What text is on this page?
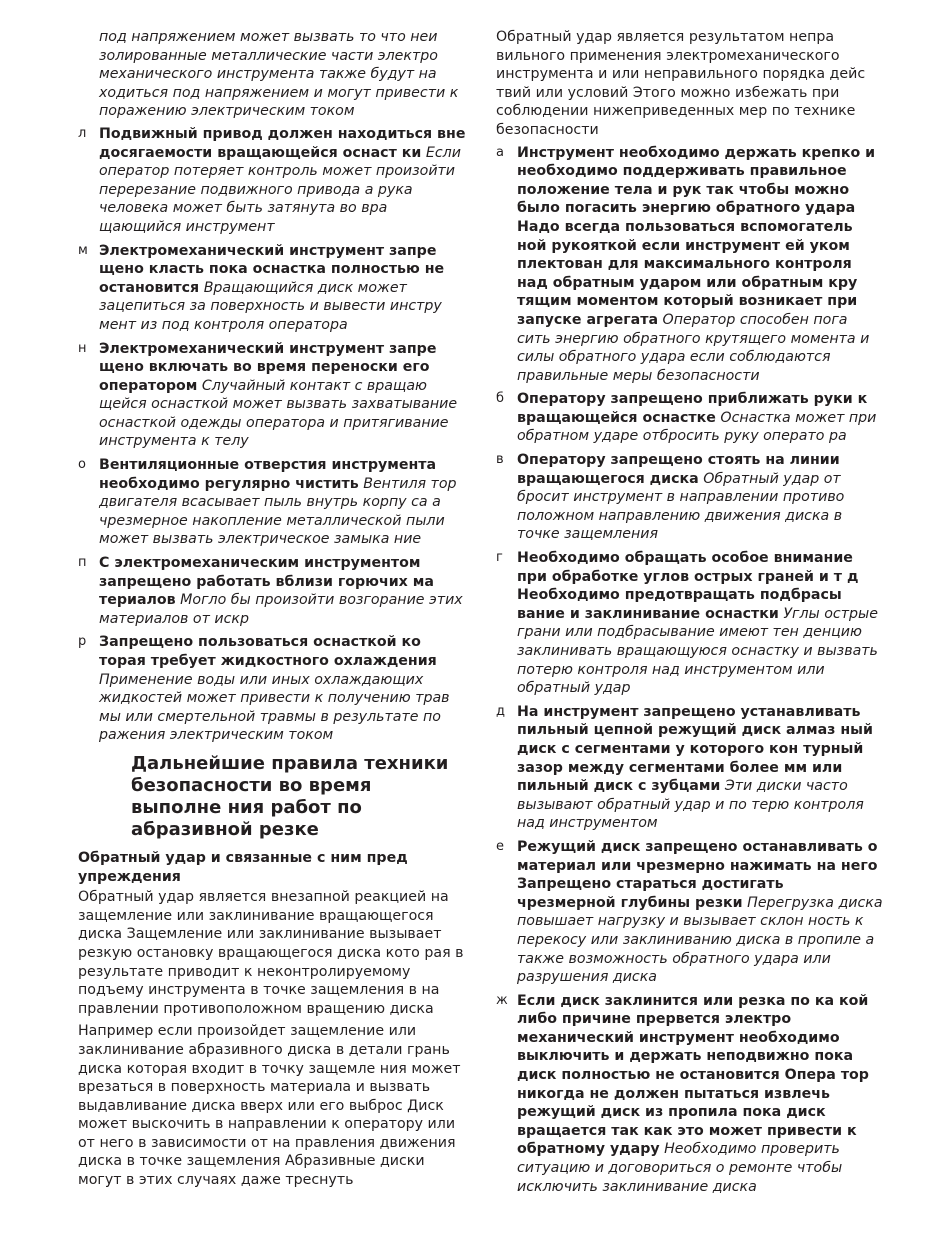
под напряжением может вызвать то что неи золированные металлические части электро механического инструмента также будут на ходиться под напряжением и могут привести к поражению электрическим током

л Подвижный привод должен находиться вне досягаемости вращающейся оснаст ки Если оператор потеряет контроль может произойти перерезание подвижного привода а рука человека может быть затянута во вра щающийся инструмент

м Электромеханический инструмент запре щено класть пока оснастка полностью не остановится Вращающийся диск может зацепиться за поверхность и вывести инстру мент из под контроля оператора

н Электромеханический инструмент запре щено включать во время переноски его оператором Случайный контакт с вращаю щейся оснасткой может вызвать захватывание оснасткой одежды оператора и притягивание инструмента к телу

о Вентиляционные отверстия инструмента необходимо регулярно чистить Вентиля тор двигателя всасывает пыль внутрь корпу са а чрезмерное накопление металлической пыли может вызвать электрическое замыка ние

п С электромеханическим инструментом запрещено работать вблизи горючих ма териалов Могло бы произойти возгорание этих материалов от искр

р Запрещено пользоваться оснасткой ко торая требует жидкостного охлаждения Применение воды или иных охлаждающих жидкостей может привести к получению трав мы или смертельной травмы в результате по ражения электрическим током

Дальнейшие правила техники безопасности во время выполне ния работ по абразивной резке
Обратный удар и связанные с ним пред упреждения

Обратный удар является внезапной реакцией на защемление или заклинивание вращающегося диска Защемление или заклинивание вызывает резкую остановку вращающегося диска кото рая в результате приводит к неконтролируемому подъему инструмента в точке защемления в на правлении противоположном вращению диска

Например если произойдет защемление или заклинивание абразивного диска в детали грань диска которая входит в точку защемле ния может врезаться в поверхность материала и вызвать выдавливание диска вверх или его выброс Диск может выскочить в направлении к оператору или от него в зависимости от на правления движения диска в точке защемления Абразивные диски могут в этих случаях даже треснуть

Обратный удар является результатом непра вильного применения электромеханического инструмента и или неправильного порядка дейс твий или условий Этого можно избежать при соблюдении нижеприведенных мер по технике безопасности

а Инструмент необходимо держать крепко и необходимо поддерживать правильное положение тела и рук так чтобы можно было погасить энергию обратного удара Надо всегда пользоваться вспомогатель ной рукояткой если инструмент ей уком плектован для максимального контроля над обратным ударом или обратным кру тящим моментом который возникает при запуске агрегата Оператор способен пога сить энергию обратного крутящего момента и силы обратного удара если соблюдаются правильные меры безопасности

б Оператору запрещено приближать руки к вращающейся оснастке Оснастка может при обратном ударе отбросить руку операто ра

в Оператору запрещено стоять на линии вращающегося диска Обратный удар от бросит инструмент в направлении противо положном направлению движения диска в точке защемления

г Необходимо обращать особое внимание при обработке углов острых граней и т д Необходимо предотвращать подбрасы вание и заклинивание оснастки Углы острые грани или подбрасывание имеют тен денцию заклинивать вращающуюся оснастку и вызвать потерю контроля над инструментом или обратный удар

д На инструмент запрещено устанавливать пильный цепной режущий диск алмаз ный диск с сегментами у которого кон турный зазор между сегментами более мм или пильный диск с зубцами Эти диски часто вызывают обратный удар и по терю контроля над инструментом

е Режущий диск запрещено останавливать о материал или чрезмерно нажимать на него Запрещено стараться достигать чрезмерной глубины резки Перегрузка диска повышает нагрузку и вызывает склон ность к перекосу или заклиниванию диска в пропиле а также возможность обратного удара или разрушения диска

ж Если диск заклинится или резка по ка кой либо причине прервется электро механический инструмент необходимо выключить и держать неподвижно пока диск полностью не остановится Опера тор никогда не должен пытаться извлечь режущий диск из пропила пока диск вращается так как это может привести к обратному удару Необходимо проверить ситуацию и договориться о ремонте чтобы исключить заклинивание диска
